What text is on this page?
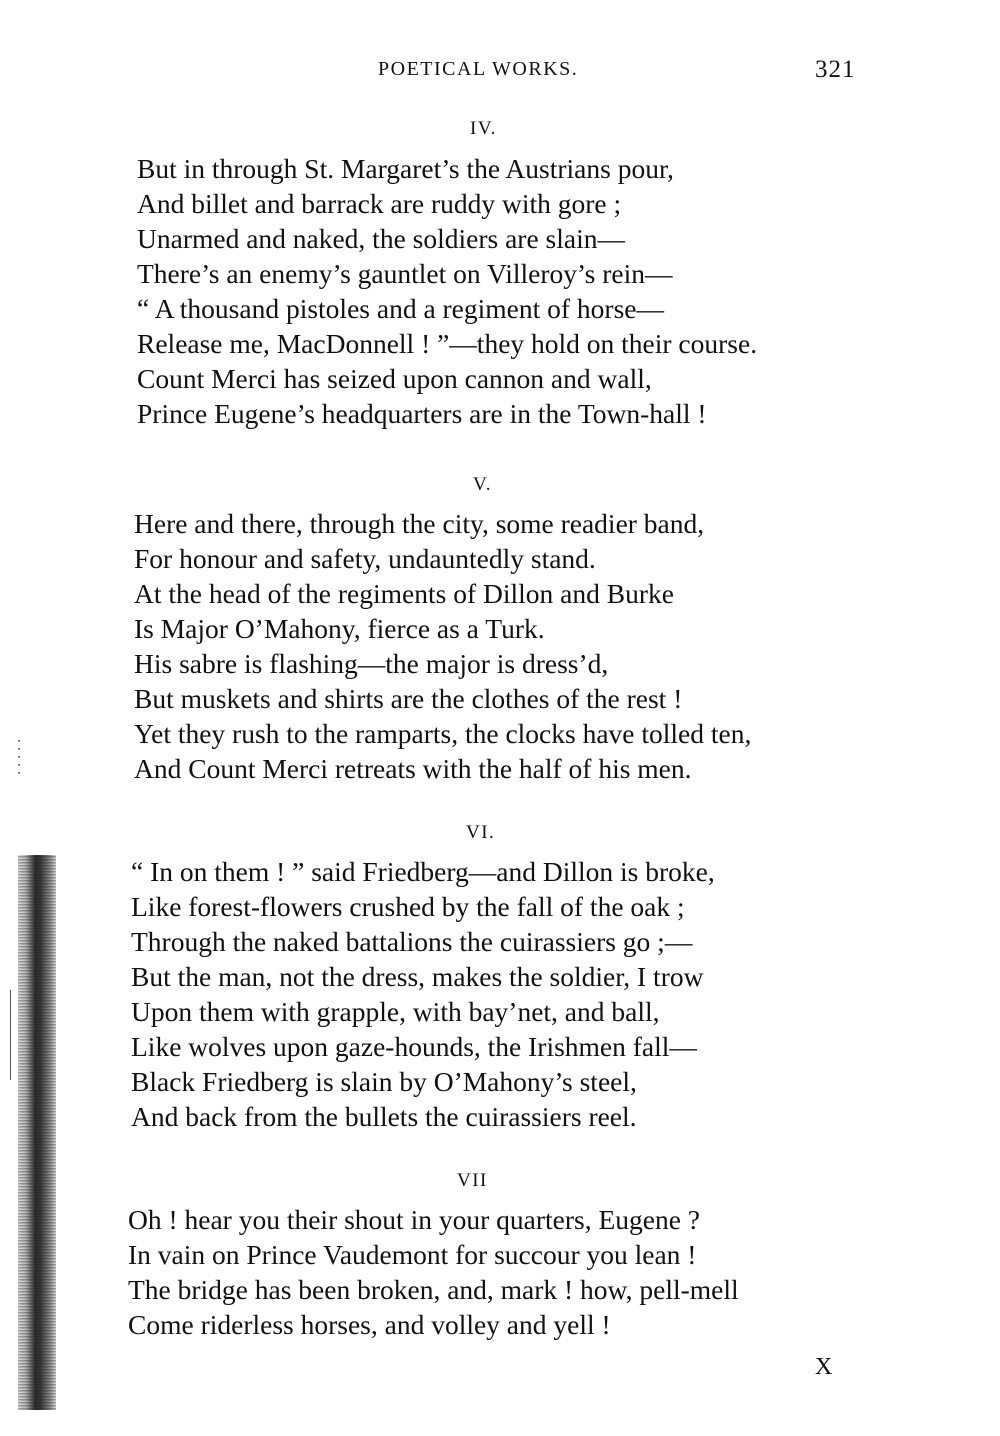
POETICAL WORKS.	321
IV.
But in through St. Margaret’s the Austrians pour,
And billet and barrack are ruddy with gore ;
Unarmed and naked, the soldiers are slain—
There’s an enemy’s gauntlet on Villeroy’s rein—
“ A thousand pistoles and a regiment of horse—
Release me, MacDonnell ! ”—they hold on their course.
Count Merci has seized upon cannon and wall,
Prince Eugene’s headquarters are in the Town-hall !
V.
Here and there, through the city, some readier band,
For honour and safety, undauntedly stand.
At the head of the regiments of Dillon and Burke
Is Major O’Mahony, fierce as a Turk.
His sabre is flashing—the major is dress’d,
But muskets and shirts are the clothes of the rest !
Yet they rush to the ramparts, the clocks have tolled ten,
And Count Merci retreats with the half of his men.
VI.
“ In on them ! ” said Friedberg—and Dillon is broke,
Like forest-flowers crushed by the fall of the oak ;
Through the naked battalions the cuirassiers go ;—
But the man, not the dress, makes the soldier, I trow
Upon them with grapple, with bay’net, and ball,
Like wolves upon gaze-hounds, the Irishmen fall—
Black Friedberg is slain by O’Mahony’s steel,
And back from the bullets the cuirassiers reel.
VII
Oh ! hear you their shout in your quarters, Eugene ?
In vain on Prince Vaudemont for succour you lean !
The bridge has been broken, and, mark ! how, pell-mell
Come riderless horses, and volley and yell !
X
